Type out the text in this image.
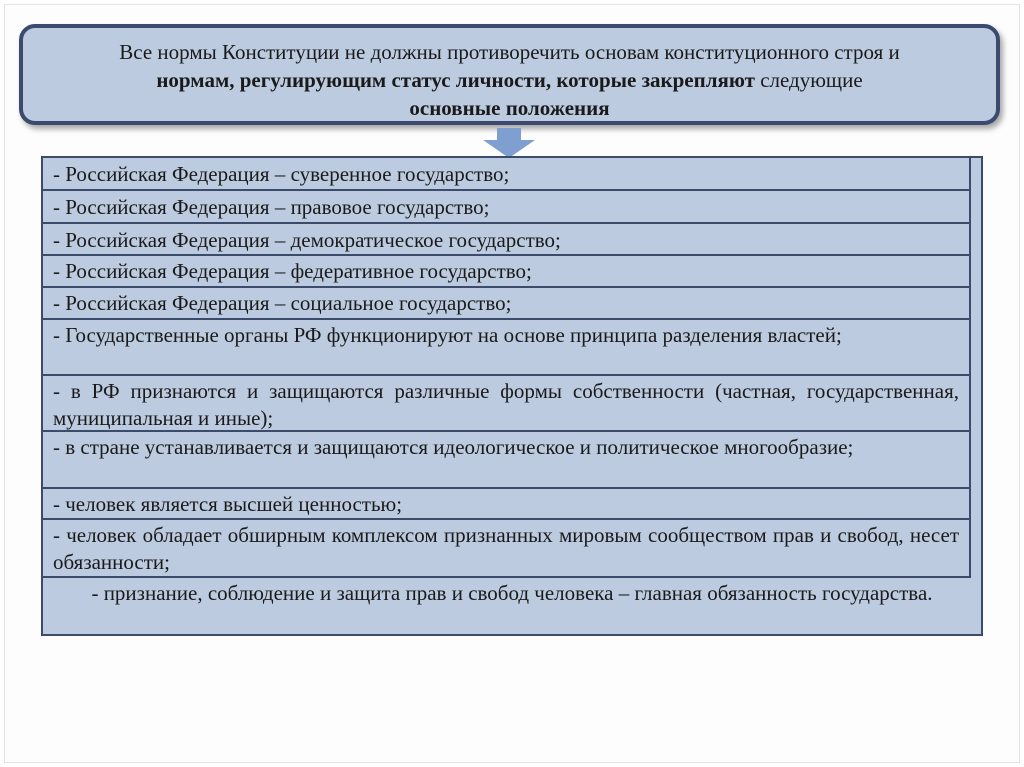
Все нормы Конституции не должны противоречить основам конституционного строя и
нормам, регулирующим статус личности, которые закрепляют следующие
основные положения
- Российская Федерация – суверенное государство;
- Российская Федерация – правовое государство;
- Российская Федерация – демократическое государство;
- Российская Федерация – федеративное государство;
- Российская Федерация – социальное государство;
- Государственные органы РФ функционируют на основе принципа разделения властей;
- в РФ признаются и защищаются различные формы собственности (частная, государственная, муниципальная и иные);
- в стране устанавливается и защищаются идеологическое и политическое многообразие;
- человек является высшей ценностью;
- человек обладает обширным комплексом признанных мировым сообществом прав и свобод, несет обязанности;
- признание, соблюдение и защита прав и свобод человека – главная обязанность государства.
